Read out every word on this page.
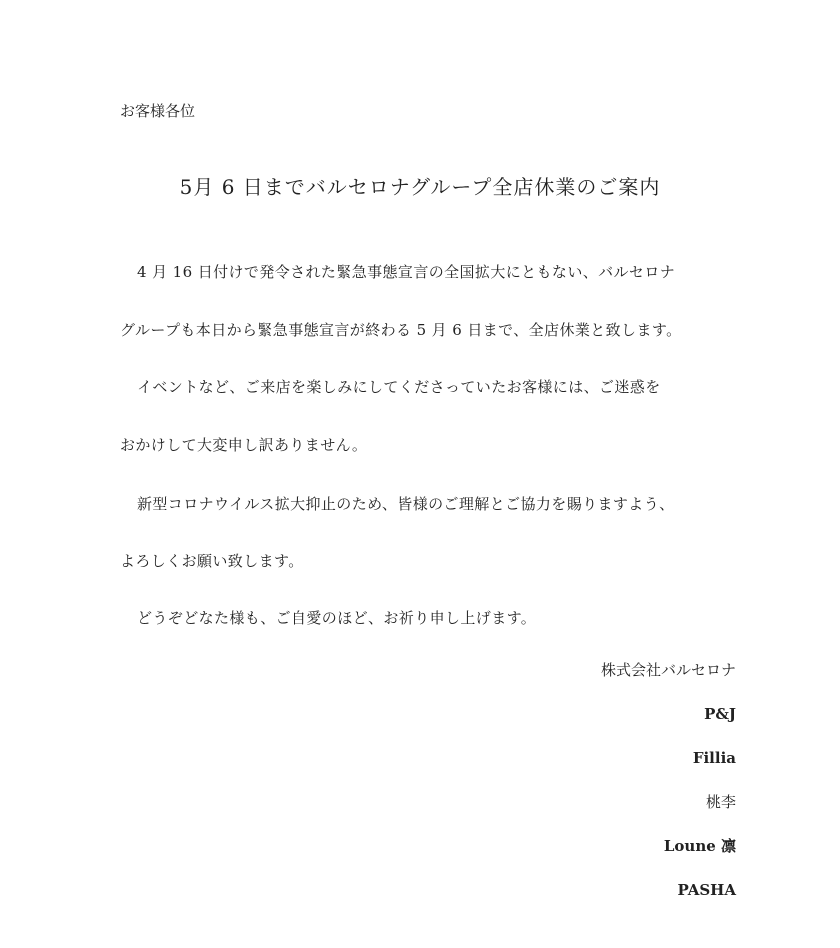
お客様各位
5月 6 日までバルセロナグループ全店休業のご案内
4 月 16 日付けで発令された緊急事態宣言の全国拡大にともない、バルセロナ
グループも本日から緊急事態宣言が終わる 5 月 6 日まで、全店休業と致します。
イベントなど、ご来店を楽しみにしてくださっていたお客様には、ご迷惑を
おかけして大変申し訳ありません。
新型コロナウイルス拡大抑止のため、皆様のご理解とご協力を賜りますよう、
よろしくお願い致します。
どうぞどなた様も、ご自愛のほど、お祈り申し上げます。
株式会社バルセロナ
P&J
Fillia
桃李
Loune 凛
PASHA
